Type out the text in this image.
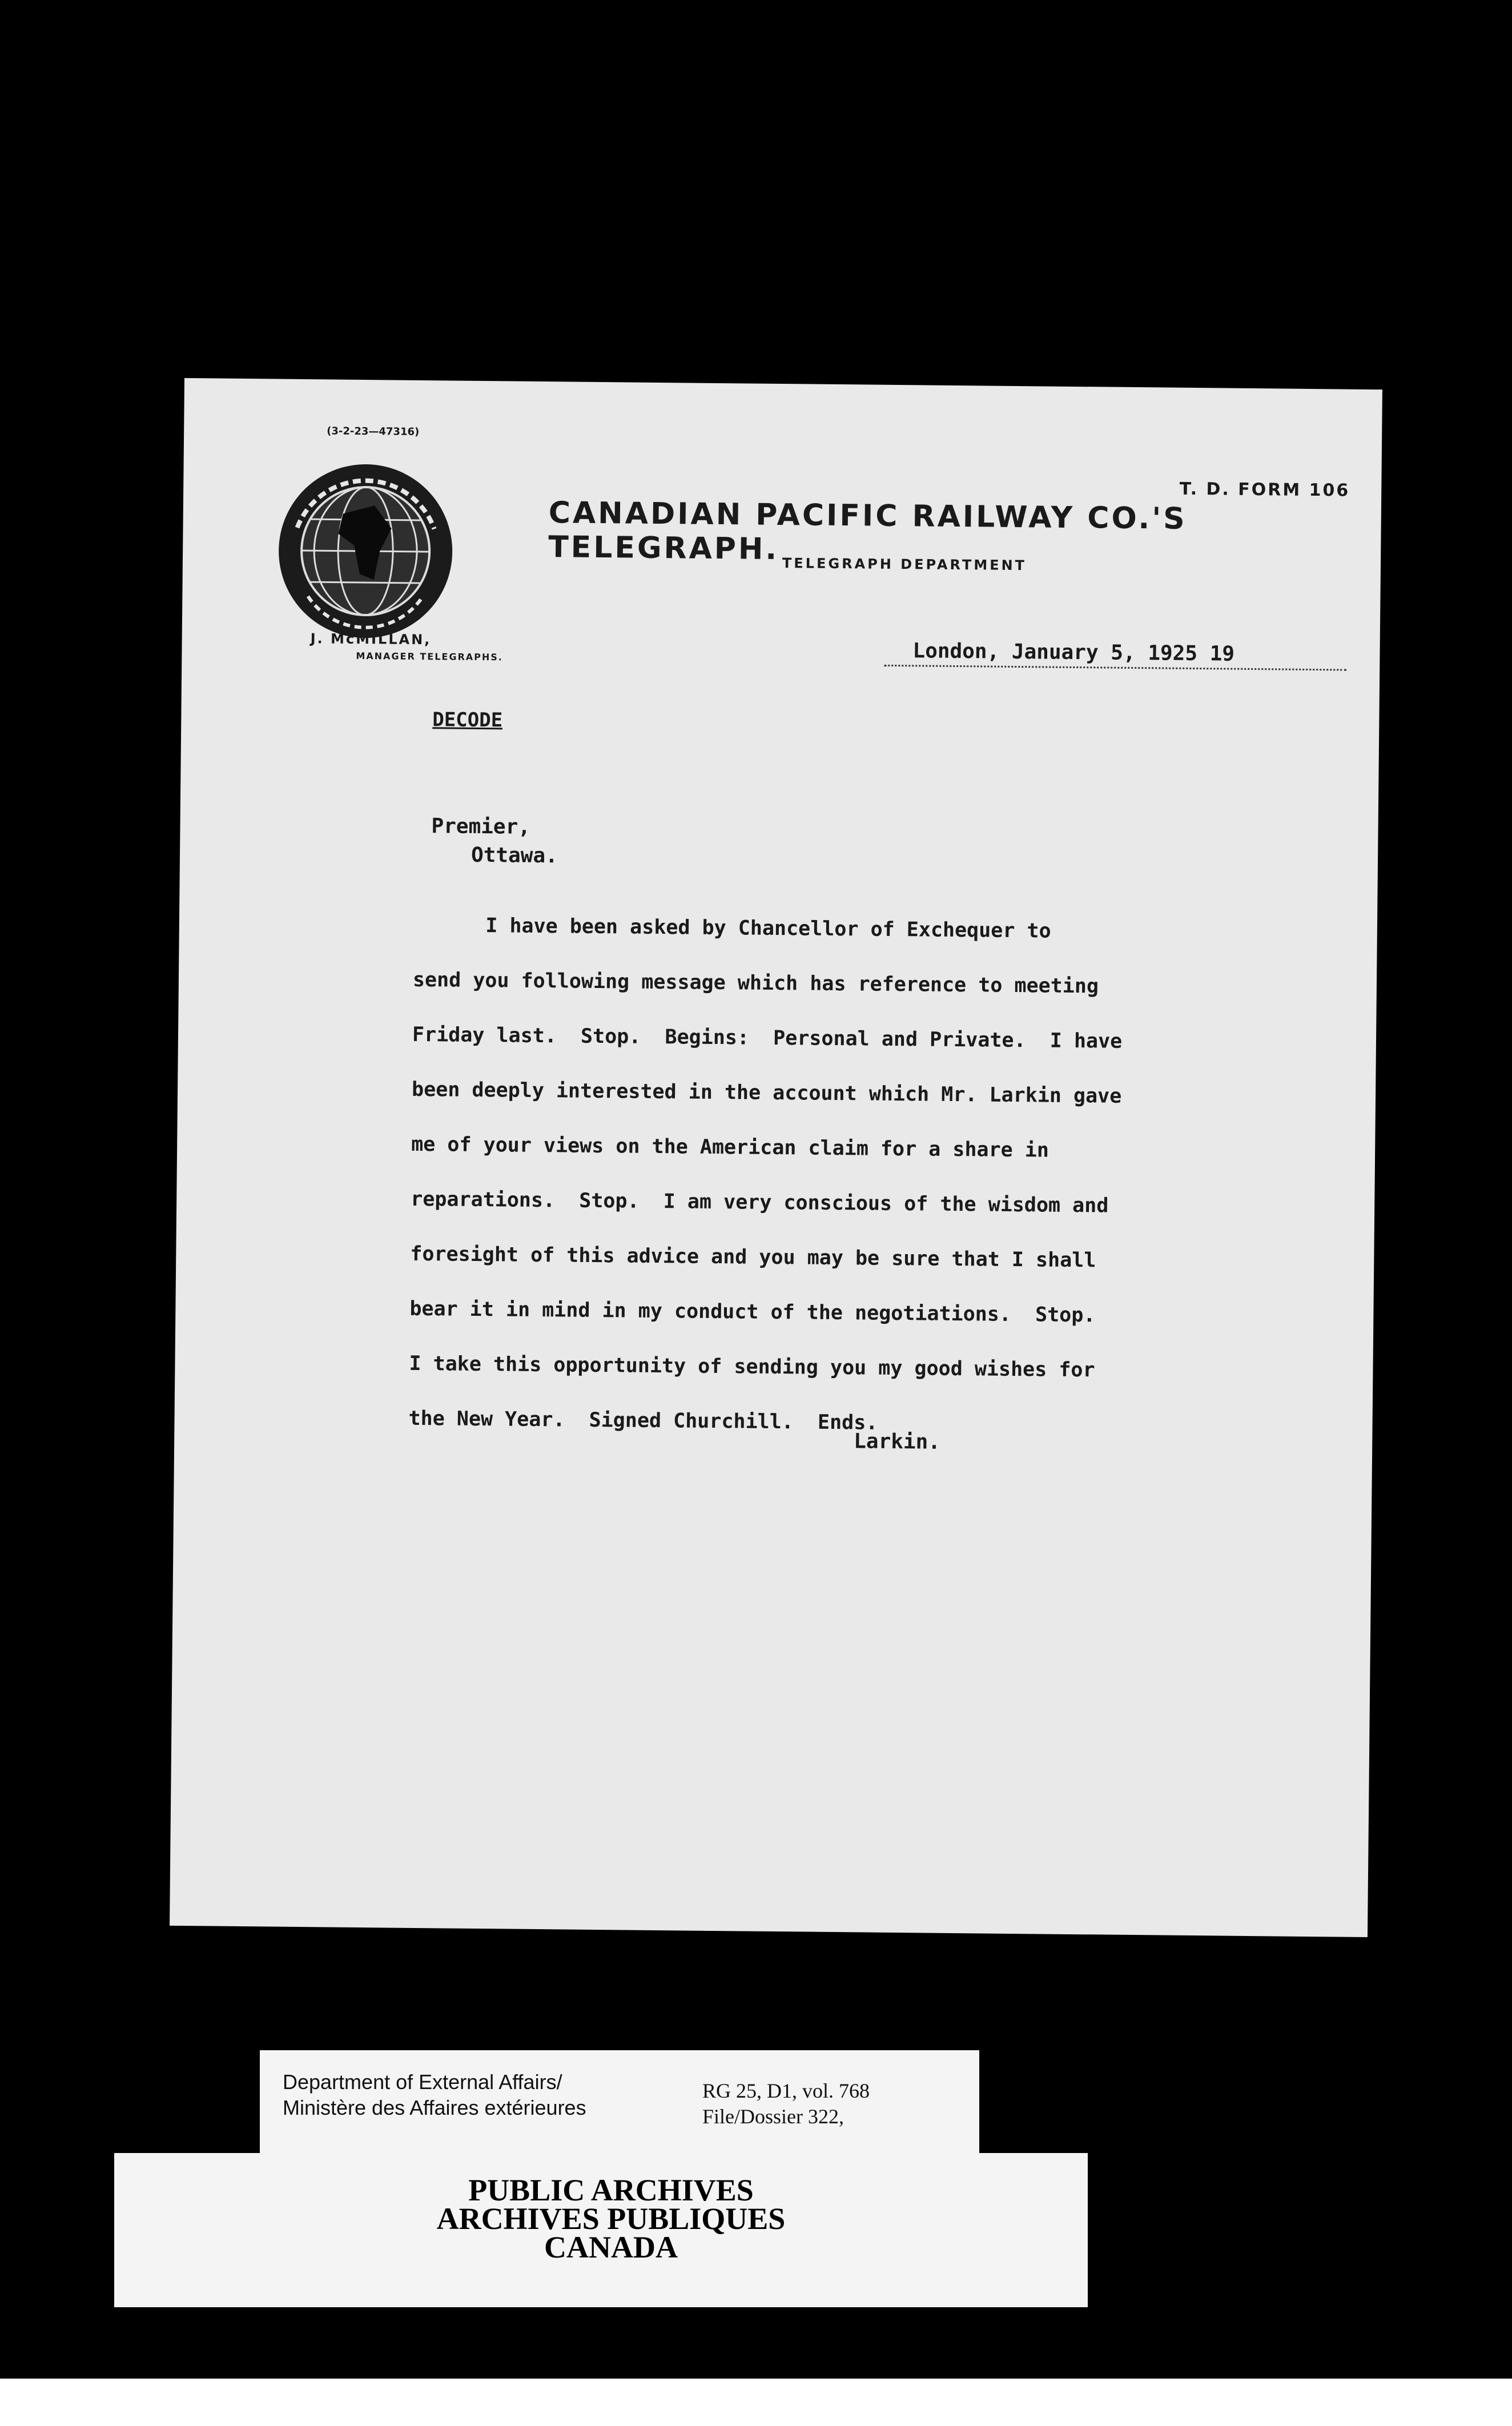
(3-2-23—47316)
T. D. FORM 106
CANADIAN PACIFIC RAILWAY CO.'S TELEGRAPH. TELEGRAPH DEPARTMENT
J. McMILLAN,
MANAGER TELEGRAPHS.	London, January 5, 1925 19
DECODE
Premier,
Ottawa.
I have been asked by Chancellor of Exchequer to
send you following message which has reference to meeting
Friday last.  Stop.  Begins:  Personal and Private.  I have
been deeply interested in the account which Mr. Larkin gave
me of your views on the American claim for a share in
reparations.  Stop.  I am very conscious of the wisdom and
foresight of this advice and you may be sure that I shall
bear it in mind in my conduct of the negotiations.  Stop.
I take this opportunity of sending you my good wishes for
the New Year.  Signed Churchill.  Ends.
Larkin.
Department of External Affairs/
Ministère des Affaires extérieures
RG 25, D1, vol. 768
File/Dossier 322,
PUBLIC ARCHIVES
ARCHIVES PUBLIQUES
CANADA
